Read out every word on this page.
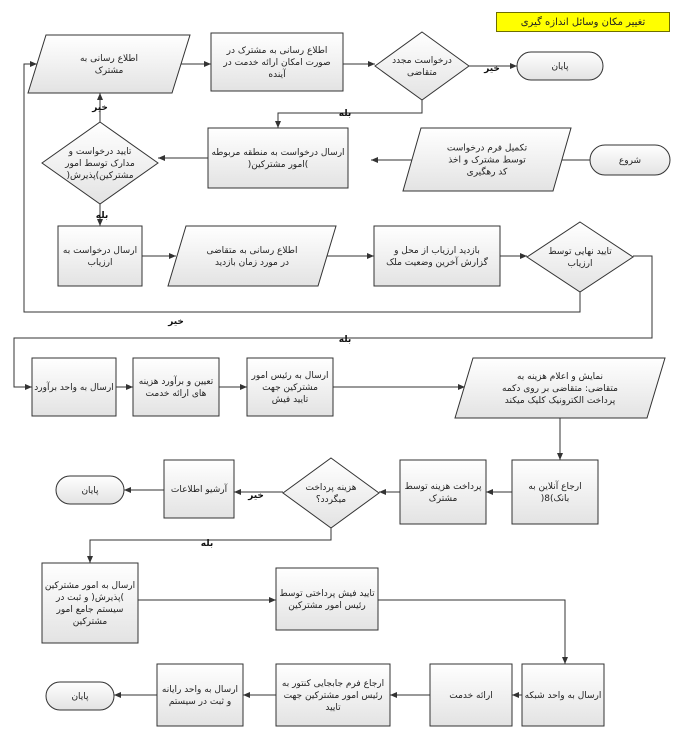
تغییر مکان وسائل اندازه گیری
پایان
پایان
پایان
شروع
اطلاع رسانی به
مشترک
اطلاع رسانی به مشترک در
صورت امکان ارائه خدمت در
آینده
درخواست مجدد
متقاضی
تکمیل فرم درخواست
توسط مشترک و اخذ
کد رهگیری
ارسال درخواست به منطقه مربوطه
)امور مشترکین(
تایید درخواست و
مدارک توسط امور
مشترکین)پذیرش(
ارسال درخواست به
ارزیاب
اطلاع رسانی به متقاضی
در مورد زمان بازدید
بازدید ارزیاب از محل و
گزارش آخرین وضعیت ملک
تایید نهایی توسط
ارزیاب
ارسال به واحد برآورد
تعیین و برآورد هزینه
های ارائه خدمت
ارسال به رئیس امور
مشترکین جهت
تایید فیش
نمایش و اعلام هزینه به
متقاضی: متقاضی بر روی دکمه
پرداخت الکترونیک کلیک میکند
ارجاع آنلاین به
بانک)8(
پرداخت هزینه توسط
مشترک
هزینه پرداخت
میگردد؟
آرشیو اطلاعات
ارسال به امور مشترکین
)پذیرش( و ثبت در
سیستم جامع امور
مشترکین
تایید فیش پرداختی توسط
رئیس امور مشترکین
ارسال به واحد شبکه
ارائه خدمت
ارجاع فرم جابجایی کنتور به
رئیس امور مشترکین جهت
تایید
ارسال به واحد رایانه
و ثبت در سیستم
خیر
بله
خیر
بله
خیر
بله
خیر
بله
